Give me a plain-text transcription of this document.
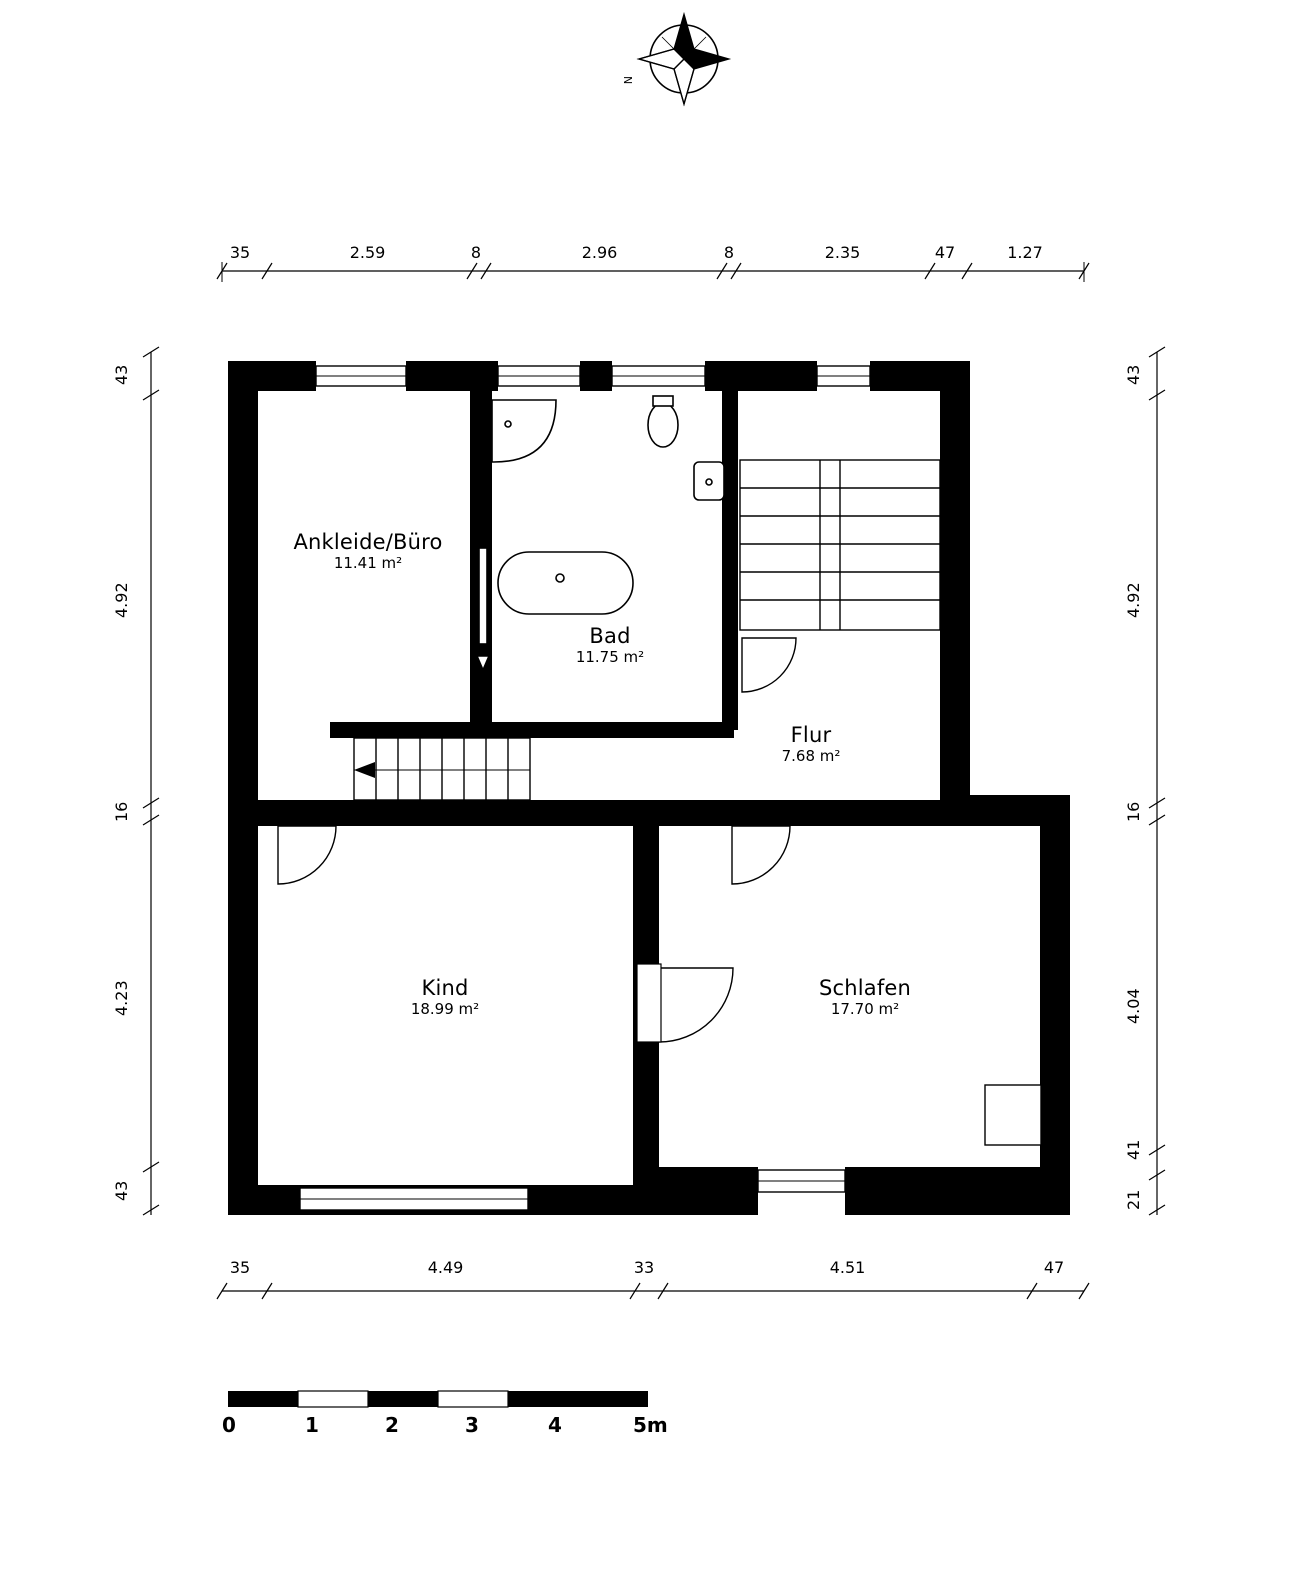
Ankleide/Büro
11.41 m²
Bad
11.75 m²
Flur
7.68 m²
Kind
18.99 m²
Schlafen
17.70 m²
35	2.59	8	2.96	8	2.35	47	1.27
35	4.49	33	4.51	47
43
4.92
16
4.23
43
43
4.92
16
4.04
41
21
0	1	2	3	4	5m
N
